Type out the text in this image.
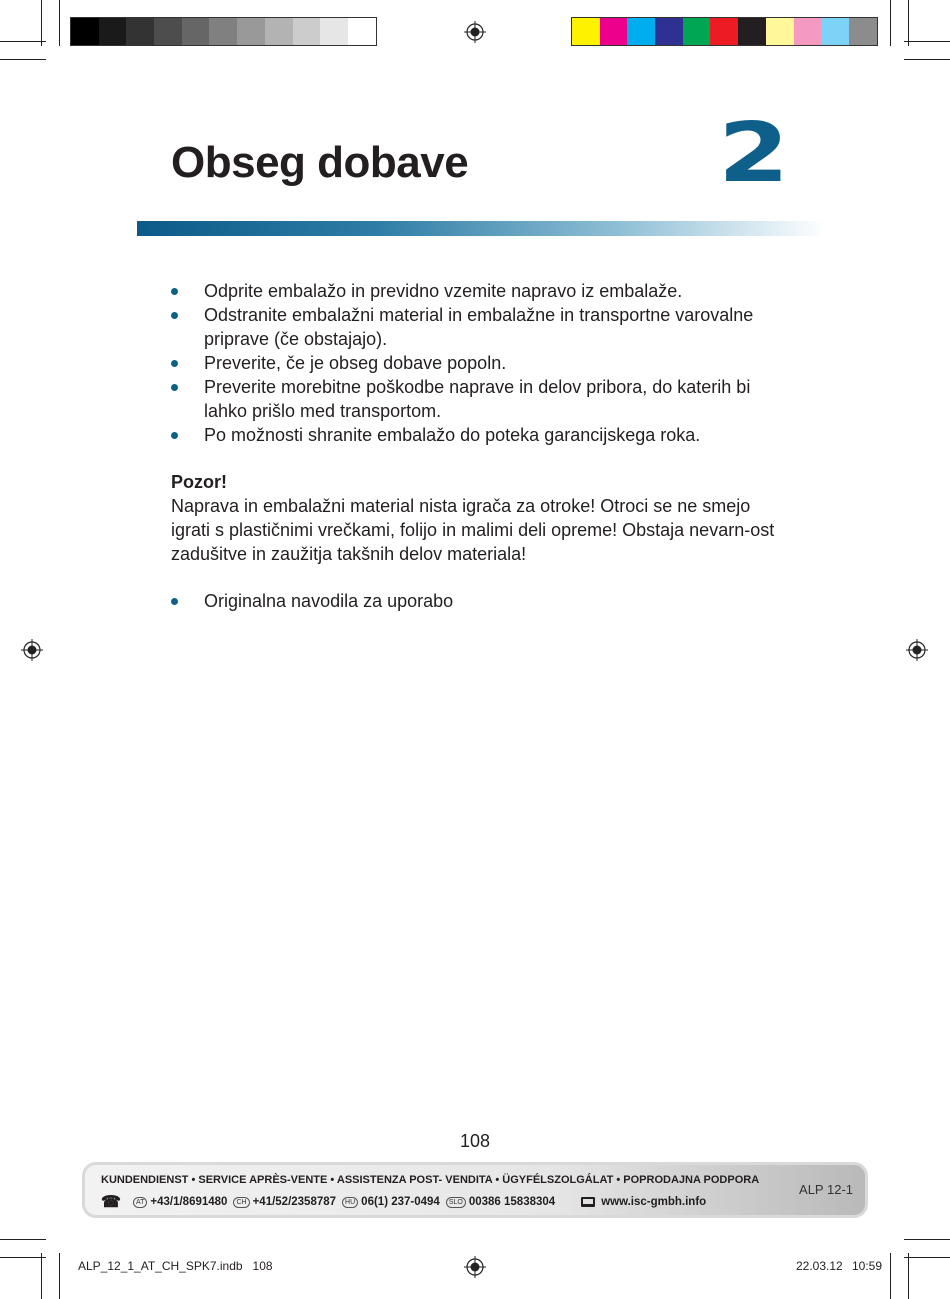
Obseg dobave	2
Odprite embalažo in previdno vzemite napravo iz embalaže.
Odstranite embalažni material in embalažne in transportne varovalne priprave (če obstajajo).
Preverite, če je obseg dobave popoln.
Preverite morebitne poškodbe naprave in delov pribora, do katerih bi lahko prišlo med transportom.
Po možnosti shranite embalažo do poteka garancijskega roka.
Pozor!
Naprava in embalažni material nista igrača za otroke! Otroci se ne smejo igrati s plastičnimi vrečkami, folijo in malimi deli opreme! Obstaja nevarn-ost zadušitve in zaužitja takšnih delov materiala!
Originalna navodila za uporabo
108
KUNDENDIENST • SERVICE APRÈS-VENTE • ASSISTENZA POST- VENDITA • ÜGYFÉLSZOLGÁLAT • POPRODAJNA PODPORA
☎	AT +43/1/8691480	CH +41/52/2358787	HU 06(1) 237-0494	SLO 00386 15838304	www.isc-gmbh.info
ALP 12-1
ALP_12_1_AT_CH_SPK7.indb   108	22.03.12 10:59
